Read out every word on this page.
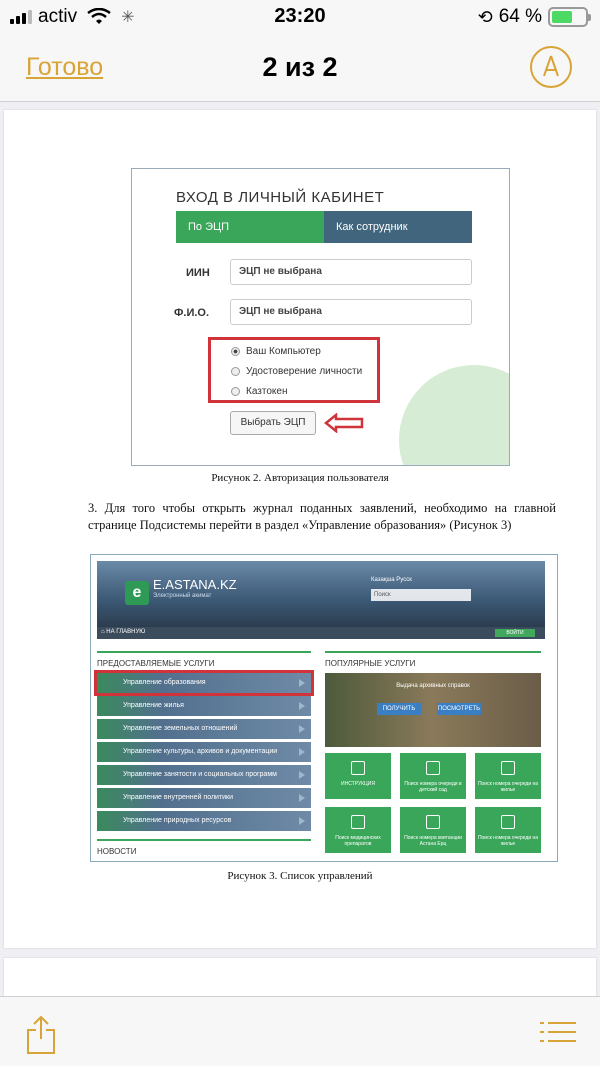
activ	✳	23:20	⟲ 64 %
Готово	2 из 2
ВХОД В ЛИЧНЫЙ КАБИНЕТ
По ЭЦП	Как сотрудник
ИИН	ЭЦП не выбрана
Ф.И.О.	ЭЦП не выбрана
Ваш Компьютер
Удостоверение личности
Казтокен
Выбрать ЭЦП
Рисунок 2. Авторизация пользователя
3. Для того чтобы открыть журнал поданных заявлений, необходимо на главной странице Подсистемы перейти в раздел «Управление образования» (Рисунок 3)
e E.ASTANA.KZ
Электронный акимат
Казақша Русск
Поиск
⌂ НА ГЛАВНУЮ	ВОЙТИ
ПРЕДОСТАВЛЯЕМЫЕ УСЛУГИ	ПОПУЛЯРНЫЕ УСЛУГИ
Управление образования
Управление жилья
Управление земельных отношений
Управление культуры, архивов и документации
Управление занятости и социальных программ
Управление внутренней политики
Управление природных ресурсов
Выдача архивных справок
ПОЛУЧИТЬ	ПОСМОТРЕТЬ
ИНСТРУКЦИЯ	Поиск номера очереди в детский сад
Поиск номера очереди на жилье
Поиск медицинских препаратов
Поиск номера квитанции Астана Ерц
Поиск номера очереди на жилье
НОВОСТИ
Рисунок 3. Список управлений
